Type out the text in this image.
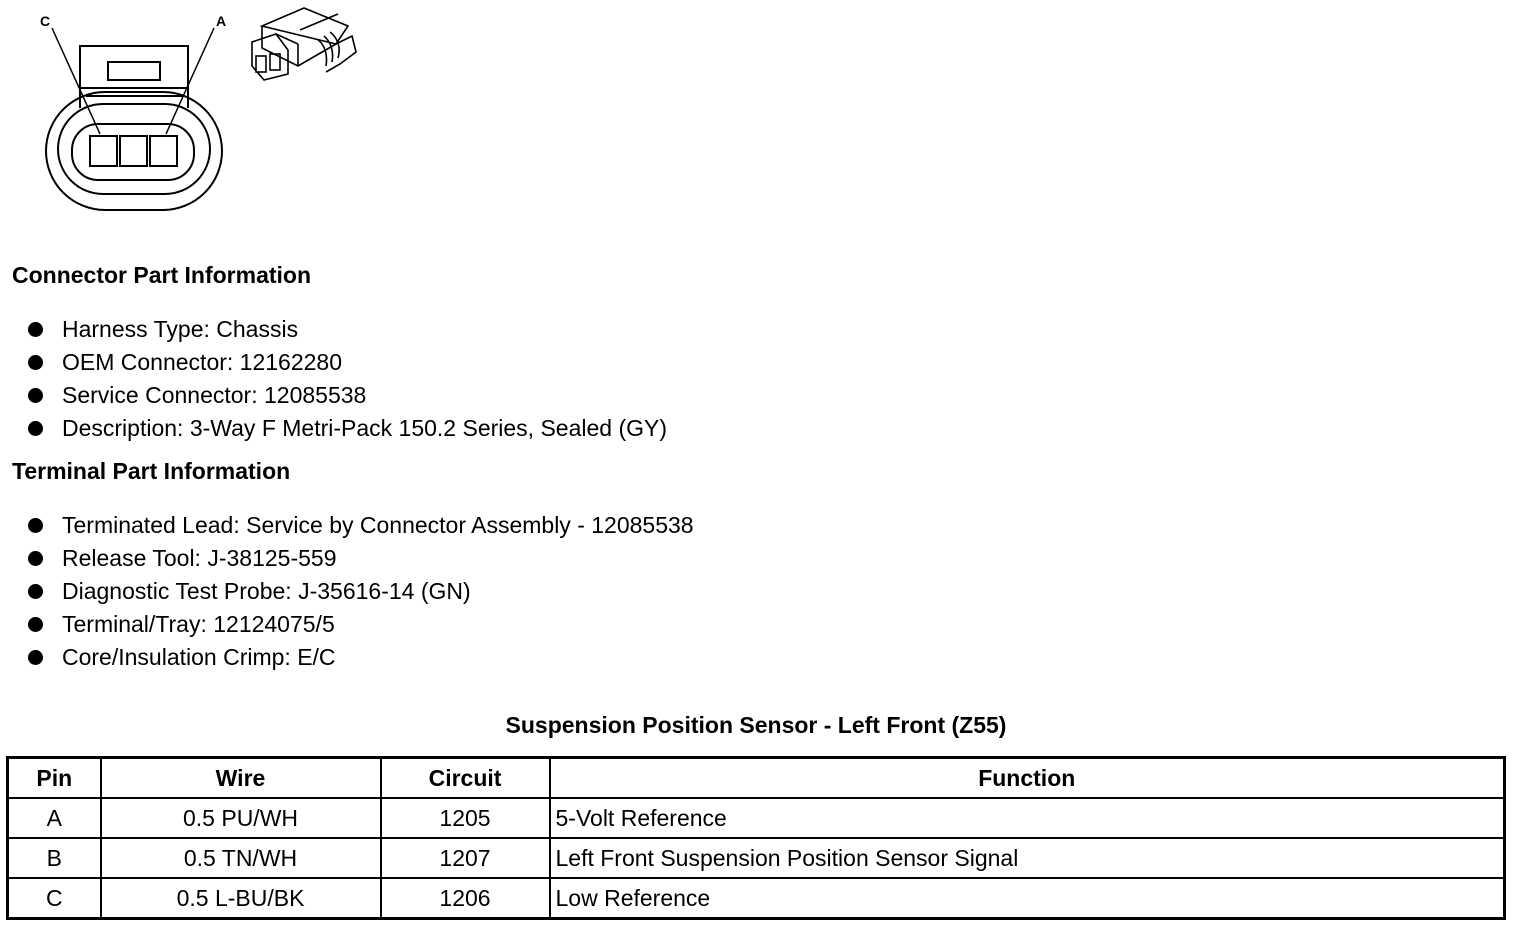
C	A
Connector Part Information
Harness Type: Chassis
OEM Connector: 12162280
Service Connector: 12085538
Description: 3-Way F Metri-Pack 150.2 Series, Sealed (GY)
Terminal Part Information
Terminated Lead: Service by Connector Assembly - 12085538
Release Tool: J-38125-559
Diagnostic Test Probe: J-35616-14 (GN)
Terminal/Tray: 12124075/5
Core/Insulation Crimp: E/C
Suspension Position Sensor - Left Front (Z55)
Pin	Wire	Circuit	Function
A	0.5 PU/WH	1205	5-Volt Reference
B	0.5 TN/WH	1207	Left Front Suspension Position Sensor Signal
C	0.5 L-BU/BK	1206	Low Reference
